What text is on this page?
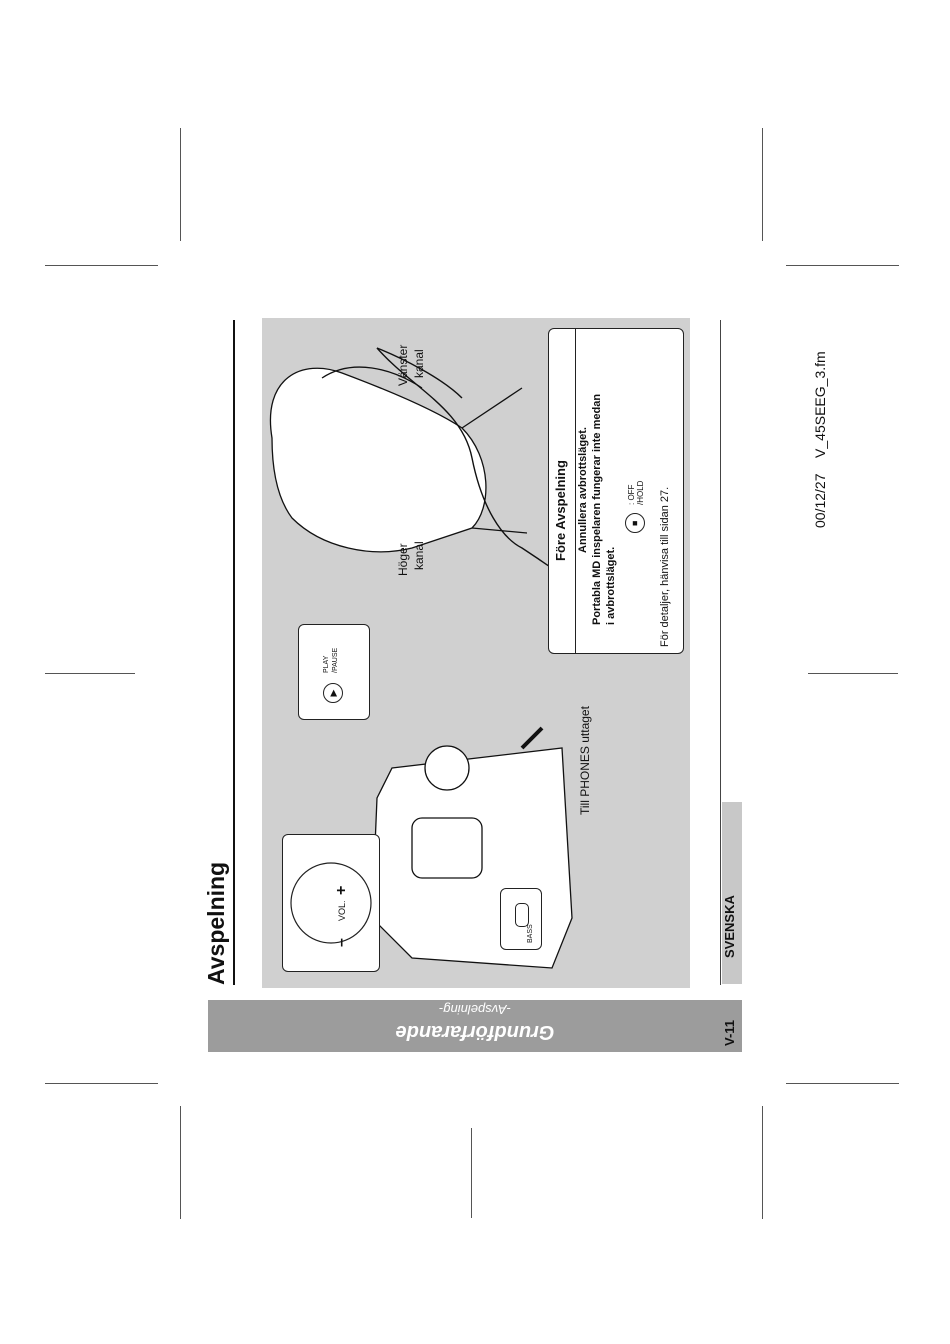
Grundförfarande
-Avspelning-
Avspelning
Vänster kanal
Höger kanal
Till PHONES uttaget
–
VOL.
+
BASS
▶
PLAY /PAUSE
Före Avspelning Annullera avbrottsläget. Portabla MD inspelaren fungerar inte medan i avbrottsläget.
■
: OFF /HOLD För detaljer, hänvisa till sidan 27.
SVENSKA
V-11
00/12/27    V_45SEEG_3.fm
